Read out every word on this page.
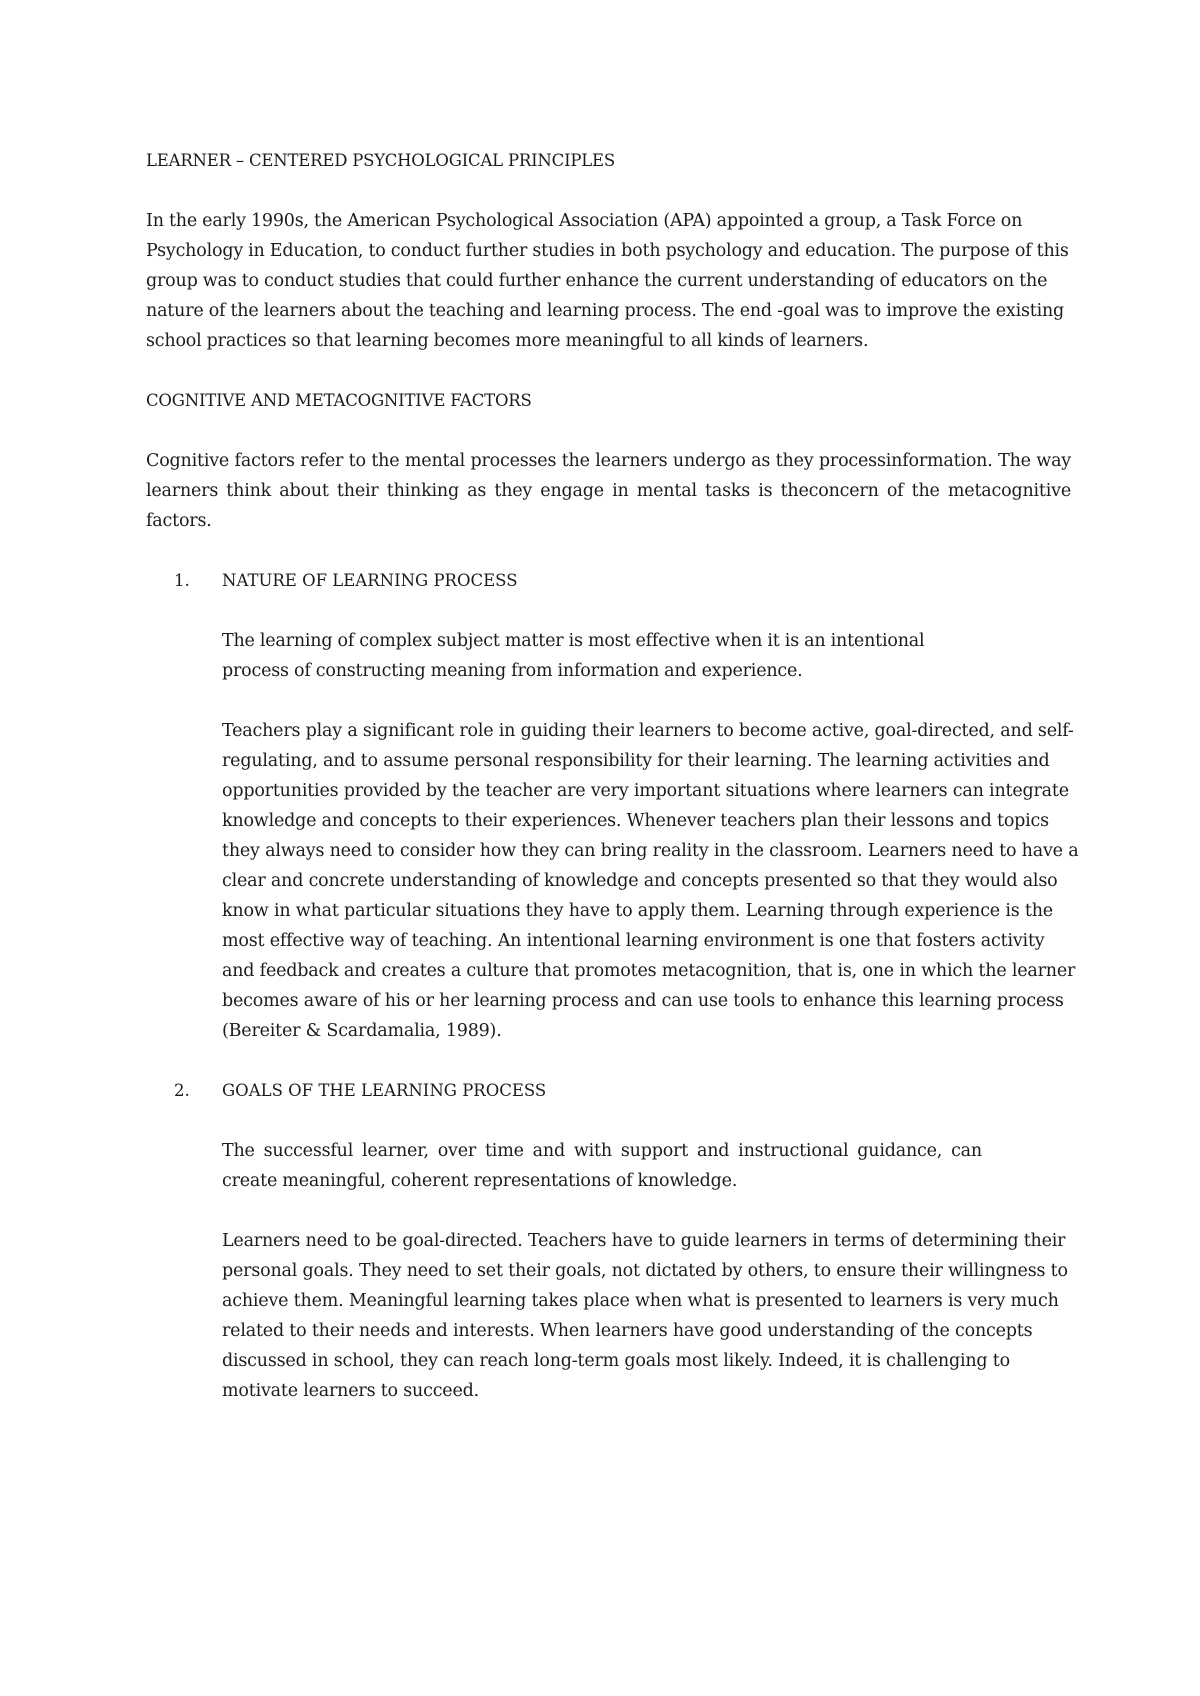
LEARNER – CENTERED PSYCHOLOGICAL PRINCIPLES

In the early 1990s, the American Psychological Association (APA) appointed a group, a Task Force on Psychology in Education, to conduct further studies in both psychology and education. The purpose of this group was to conduct studies that could further enhance the current understanding of educators on the nature of the learners about the teaching and learning process. The end -goal was to improve the existing school practices so that learning becomes more meaningful to all kinds of learners.

COGNITIVE AND METACOGNITIVE FACTORS

Cognitive factors refer to the mental processes the learners undergo as they processinformation. The way learners think about their thinking as they engage in mental tasks is theconcern of the metacognitive factors.

1.	NATURE OF LEARNING PROCESS

The learning of complex subject matter is most effective when it is an intentional process of constructing meaning from information and experience.

Teachers play a significant role in guiding their learners to become active, goal-directed, and self-regulating, and to assume personal responsibility for their learning. The learning activities and opportunities provided by the teacher are very important situations where learners can integrate knowledge and concepts to their experiences. Whenever teachers plan their lessons and topics they always need to consider how they can bring reality in the classroom. Learners need to have a clear and concrete understanding of knowledge and concepts presented so that they would also know in what particular situations they have to apply them. Learning through experience is the most effective way of teaching. An intentional learning environment is one that fosters activity and feedback and creates a culture that promotes metacognition, that is, one in which the learner becomes aware of his or her learning process and can use tools to enhance this learning process (Bereiter & Scardamalia, 1989).

2.	GOALS OF THE LEARNING PROCESS

The successful learner, over time and with support and instructional guidance, can create meaningful, coherent representations of knowledge.

Learners need to be goal-directed. Teachers have to guide learners in terms of determining their personal goals. They need to set their goals, not dictated by others, to ensure their willingness to achieve them. Meaningful learning takes place when what is presented to learners is very much related to their needs and interests. When learners have good understanding of the concepts discussed in school, they can reach long-term goals most likely. Indeed, it is challenging to motivate learners to succeed.
